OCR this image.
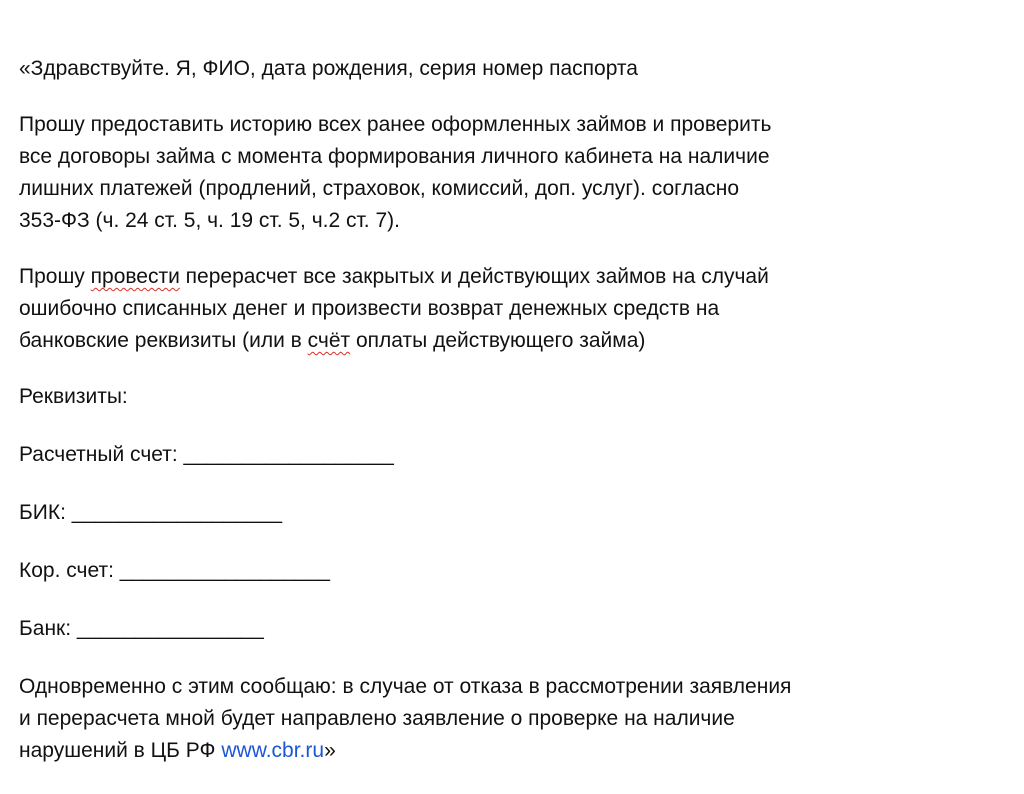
«Здравствуйте. Я, ФИО, дата рождения, серия номер паспорта

Прошу предоставить историю всех ранее оформленных займов и проверить
все договоры займа с момента формирования личного кабинета на наличие
лишних платежей (продлений, страховок, комиссий, доп. услуг). согласно
353-ФЗ (ч. 24 ст. 5, ч. 19 ст. 5, ч.2 ст. 7).

Прошу провести перерасчет все закрытых и действующих займов на случай
ошибочно списанных денег и произвести возврат денежных средств на
банковские реквизиты (или в счёт оплаты действующего займа)

Реквизиты:

Расчетный счет: __________________

БИК: __________________

Кор. счет: __________________

Банк: ________________

Одновременно с этим сообщаю: в случае от отказа в рассмотрении заявления
и перерасчета мной будет направлено заявление о проверке на наличие
нарушений в ЦБ РФ www.cbr.ru»
